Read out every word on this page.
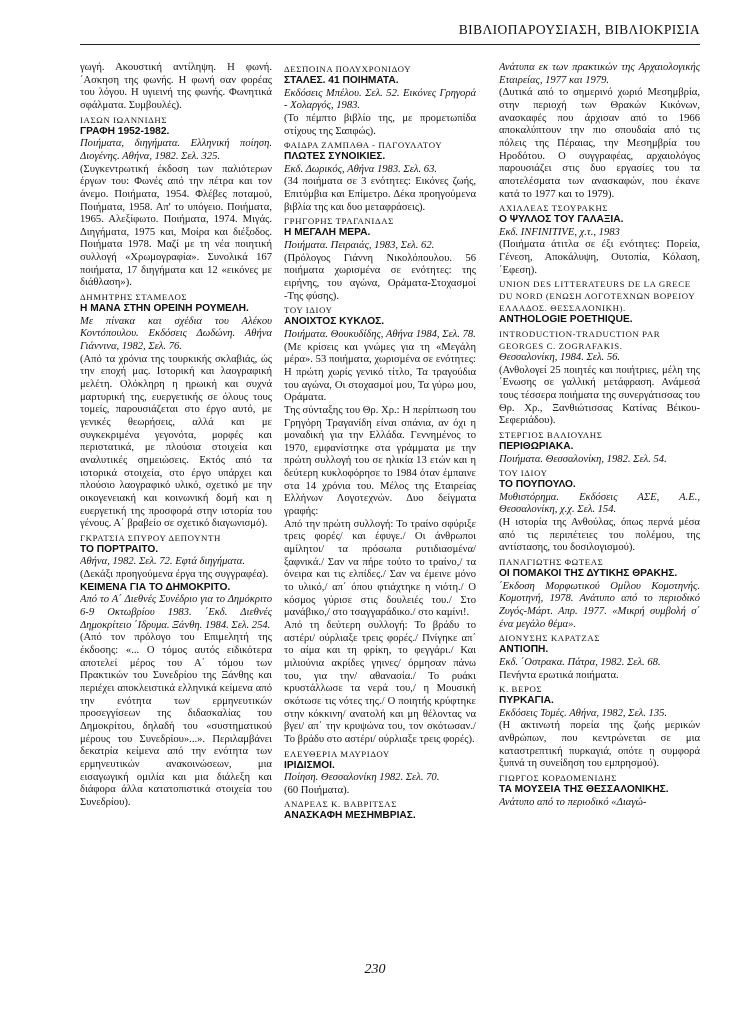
ΒΙΒΛΙΟΠΑΡΟΥΣΙΑΣΗ, ΒΙΒΛΙΟΚΡΙΣΙΑ

γωγή. Ακουστική αντίληψη. Η φωνή. ΄Ασκηση της φωνής. Η φωνή σαν φορέας του λόγου. Η υγιεινή της φωνής. Φωνητικά σφάλματα. Συμβουλές).

ΙΑΣΩΝ ΙΩΑΝΝΙΔΗΣ

ΓΡΑΦΗ 1952-1982.

Ποιήματα, διηγήματα. Ελληνική ποίηση. Διογένης. Αθήνα, 1982. Σελ. 325.

(Συγκεντρωτική έκδοση των παλιότερων έργων του: Φωνές από την πέτρα και τον άνεμο. Ποιήματα, 1954. Φλέβες ποταμού, Ποιήματα, 1958. Απ' το υπόγειο. Ποιήματα, 1965. Αλεξίφωτο. Ποιήματα, 1974. Μιγάς. Διηγήματα, 1975 και, Μοίρα και διέξοδος. Ποιήματα 1978. Μαζί με τη νέα ποιητική συλλογή «Χρωμογραφία». Συνολικά 167 ποιήματα, 17 διηγήματα και 12 «εικόνες με διάθλαση»).

ΔΗΜΗΤΡΗΣ ΣΤΑΜΕΛΟΣ

Η ΜΑΝΑ ΣΤΗΝ ΟΡΕΙΝΗ ΡΟΥΜΕΛΗ.

Με πίνακα και σχέδια του Αλέκου Κοντόπουλου. Εκδόσεις Δωδώνη. Αθήνα Γιάννινα, 1982, Σελ. 76.

(Από τα χρόνια της τουρκικής σκλαβιάς, ώς την εποχή μας. Ιστορική και λαογραφική μελέτη. Ολόκληρη η ηρωική και συχνά μαρτυρική της, ευεργετικής σε όλους τους τομείς, παρουσιάζεται στο έργο αυτό, με γενικές θεωρήσεις, αλλά και με συγκεκριμένα γεγονότα, μορφές και περιστατικά, με πλούσια στοιχεία και αναλυτικές σημειώσεις. Εκτός από τα ιστορικά στοιχεία, στο έργο υπάρχει και πλούσιο λαογραφικό υλικό, σχετικό με την οικογενειακή και κοινωνική δομή και η ευεργετική της προσφορά στην ιστορία του γένους. Α΄ βραβείο σε σχετικό διαγωνισμό).

ΓΚΡΑΤΣΙΑ ΣΠΥΡΟΥ ΔΕΠΟΥΝΤΗ

ΤΟ ΠΟΡΤΡΑΙΤΟ.

Αθήνα, 1982. Σελ. 72. Εφτά διηγήματα.

(Δεκάξι προηγούμενα έργα της συγγραφέα).

ΚΕΙΜΕΝΑ ΓΙΑ ΤΟ ΔΗΜΟΚΡΙΤΟ.

Από το Α΄ Διεθνές Συνέδριο για το Δημόκριτο 6-9 Οκτωβρίου 1983. ΄Εκδ. Διεθνές Δημοκρίτειο ΄Ιδρυμα. Ξάνθη. 1984. Σελ. 254.

(Από τον πρόλογο του Επιμελητή της έκδοσης: «... Ο τόμος αυτός ειδικότερα αποτελεί μέρος του Α΄ τόμου των Πρακτικών του Συνεδρίου της Ξάνθης και περιέχει αποκλειστικά ελληνικά κείμενα από την ενότητα των ερμηνευτικών προσεγγίσεων της διδασκαλίας του Δημοκρίτου, δηλαδή του «συστηματικού μέρους του Συνεδρίου»...». Περιλαμβάνει δεκατρία κείμενα από την ενότητα των ερμηνευτικών ανακοινώσεων, μια εισαγωγική ομιλία και μια διάλεξη και διάφορα άλλα κατατοπιστικά στοιχεία του Συνεδρίου).

ΔΕΣΠΟΙΝΑ ΠΟΛΥΧΡΟΝΙΔΟΥ

ΣΤΑΛΕΣ. 41 ΠΟΙΗΜΑΤΑ.

Εκδόσεις Μπέλου. Σελ. 52. Εικόνες Γρηγορά - Χολαργός, 1983.

(Το πέμπτο βιβλίο της, με προμετωπίδα στίχους της Σαπφώς).

ΦΑΙΔΡΑ ΖΑΜΠΑΘΑ - ΠΑΓΟΥΛΑΤΟΥ

ΠΛΩΤΕΣ ΣΥΝΟΙΚΙΕΣ.

Εκδ. Δωρικός, Αθήνα 1983. Σελ. 63.

(34 ποιήματα σε 3 ενότητες: Εικόνες ζωής, Επιτύμβια και Επίμετρο. Δέκα προηγούμενα βιβλία της και δυο μεταφράσεις).

ΓΡΗΓΟΡΗΣ ΤΡΑΓΑΝΙΔΑΣ

Η ΜΕΓΑΛΗ ΜΕΡΑ.

Ποιήματα. Πειραιάς, 1983, Σελ. 62.

(Πρόλογος Γιάννη Νικολόπουλου. 56 ποιήματα χωρισμένα σε ενότητες: της ειρήνης, του αγώνα, Οράματα-Στοχασμοί -Της φύσης).

ΤΟΥ ΙΔΙΟΥ

ΑΝΟΙΧΤΟΣ ΚΥΚΛΟΣ.

Ποιήματα. Θουκυδίδης, Αθήνα 1984, Σελ. 78.

(Με κρίσεις και γνώμες για τη «Μεγάλη μέρα». 53 ποιήματα, χωρισμένα σε ενότητες: Η πρώτη χωρίς γενικό τίτλο, Τα τραγούδια του αγώνα, Οι στοχασμοί μου, Τα γύρω μου, Οράματα.

Της σύνταξης του Θρ. Χρ.: Η περίπτωση του Γρηγόρη Τραγανίδη είναι σπάνια, αν όχι η μοναδική για την Ελλάδα. Γεννημένος το 1970, εμφανίστηκε στα γράμματα με την πρώτη συλλογή του σε ηλικία 13 ετών και η δεύτερη κυκλοφόρησε το 1984 όταν έμπαινε στα 14 χρόνια του. Μέλος της Εταιρείας Ελλήνων Λογοτεχνών. Δυο δείγματα γραφής:

Από την πρώτη συλλογή: Το τραίνο σφύριξε τρεις φορές/ και έφυγε./ Οι άνθρωποι αμίλητοι/ τα πρόσωπα ρυτιδιασμένα/ ξαφνικά./ Σαν να πήρε τούτο το τραίνο,/ τα όνειρα και τις ελπίδες./ Σαν να έμεινε μόνο το υλικό,/ απ΄ όπου φτιάχτηκε η νιότη./ Ο κόσμος γύρισε στις δουλειές του./ Στο μανάβικο,/ στο τσαγγαράδικο./ στο καμίνι!.

Από τη δεύτερη συλλογή: Το βράδυ το αστέρι/ ούρλιαξε τρεις φορές./ Πνίγηκε απ΄ το αίμα και τη φρίκη, το φεγγάρι./ Και μιλιούνια ακρίδες γηινες/ όρμησαν πάνω του, για την/ αθανασία./ Το ρυάκι κρυστάλλωσε τα νερά του,/ η Μουσική σκότωσε τις νότες της./ Ο ποιητής κρύφτηκε στην κόκκινη/ ανατολή και μη θέλοντας να βγει/ απ΄ την κρυψώνα του, τον σκότωσαν./ Το βράδυ στο αστέρι/ ούρλιαξε τρεις φορές).

ΕΛΕΥΘΕΡΙΑ ΜΑΥΡΙΔΟΥ

ΙΡΙΔΙΣΜΟΙ.

Ποίηση. Θεσσαλονίκη 1982. Σελ. 70.

(60 Ποιήματα).

ΑΝΔΡΕΑΣ Κ. ΒΑΒΡΙΤΣΑΣ

ΑΝΑΣΚΑΦΗ ΜΕΣΗΜΒΡΙΑΣ.

Ανάτυπα εκ των πρακτικών της Αρχαιολογικής Εταιρείας, 1977 και 1979.

(Δυτικά από το σημερινό χωριό Μεσημβρία, στην περιοχή των Θρακών Κικόνων, ανασκαφές που άρχισαν από το 1966 αποκαλύπτουν την πιο σπουδαία από τις πόλεις της Πέραιας, την Μεσημβρία του Ηροδότου. Ο συγγραφέας, αρχαιολόγος παρουσιάζει στις δυο εργασίες του τα αποτελέσματα των ανασκαφών, που έκανε κατά το 1977 και το 1979).

ΑΧΙΛΛΕΑΣ ΤΣΟΥΡΑΚΗΣ

Ο ΨΥΛΛΟΣ ΤΟΥ ΓΑΛΑΞΙΑ.

Εκδ. INFINITIVE, χ.τ., 1983

(Ποιήματα άτιτλα σε έξι ενότητες: Πορεία, Γένεση, Αποκάλυψη, Ουτοπία, Κόλαση, ΄Εφεση).

UNION DES LITTERATEURS DE LA GRECE DU NORD (ΕΝΩΣΗ ΛΟΓΟΤΕΧΝΩΝ ΒΟΡΕΙΟΥ ΕΛΛΑΔΟΣ. ΘΕΣΣΑΛΟΝΙΚΗ).

ANTHOLOGIE POETHIQUE.

INTRODUCTION-TRADUCTION PAR GEORGES C. ZOGRAFAKIS.

Θεσσαλονίκη, 1984. Σελ. 56.

(Ανθολογεί 25 ποιητές και ποιήτριες, μέλη της ΄Ενωσης σε γαλλική μετάφραση. Ανάμεσά τους τέσσερα ποιήματα της συνεργάτισσας του Θρ. Χρ., Ξανθιώτισσας Κατίνας Βέικου-Σεφεριάδου).

ΣΤΕΡΓΙΟΣ ΒΑΛΙΟΥΛΗΣ

ΠΕΡΙΘΩΡΙΑΚΑ.

Ποιήματα. Θεσσαλονίκη, 1982. Σελ. 54.

ΤΟΥ ΙΔΙΟΥ

ΤΟ ΠΟΥΠΟΥΛΟ.

Μυθιστόρημα. Εκδόσεις ΑΣΕ, Α.Ε., Θεσσαλονίκη, χ.χ. Σελ. 154.

(Η ιστορία της Ανθούλας, όπως περνά μέσα από τις περιπέτειες του πολέμου, της αντίστασης, του δοσιλογισμού).

ΠΑΝΑΓΙΩΤΗΣ ΦΩΤΕΑΣ

ΟΙ ΠΟΜΑΚΟΙ ΤΗΣ ΔΥΤΙΚΗΣ ΘΡΑΚΗΣ.

΄Εκδοση Μορφωτικού Ομίλου Κομοτηνής. Κομοτηνή, 1978. Ανάτυπο από το περιοδικό Ζυγός-Μάρτ. Απρ. 1977. «Μικρή συμβολή σ΄ ένα μεγάλο θέμα».

ΔΙΟΝΥΣΗΣ ΚΑΡΑΤΖΑΣ

ΑΝΤΙΟΠΗ.

Εκδ. ΄Οστρακα. Πάτρα, 1982. Σελ. 68.

Πενήντα ερωτικά ποιήματα.

Κ. ΒΕΡΟΣ

ΠΥΡΚΑΓΙΑ.

Εκδόσεις Τομές. Αθήνα, 1982, Σελ. 135.

(Η ακτινωτή πορεία της ζωής μερικών ανθρώπων, που κεντρώνεται σε μια καταστρεπτική πυρκαγιά, οπότε η συμφορά ξυπνά τη συνείδηση του εμπρησμού).

ΓΙΩΡΓΟΣ ΚΟΡΔΟΜΕΝΙΔΗΣ

ΤΑ ΜΟΥΣΕΙΑ ΤΗΣ ΘΕΣΣΑΛΟΝΙΚΗΣ.

Ανάτυπο από το περιοδικό «Διαγώ-

230
